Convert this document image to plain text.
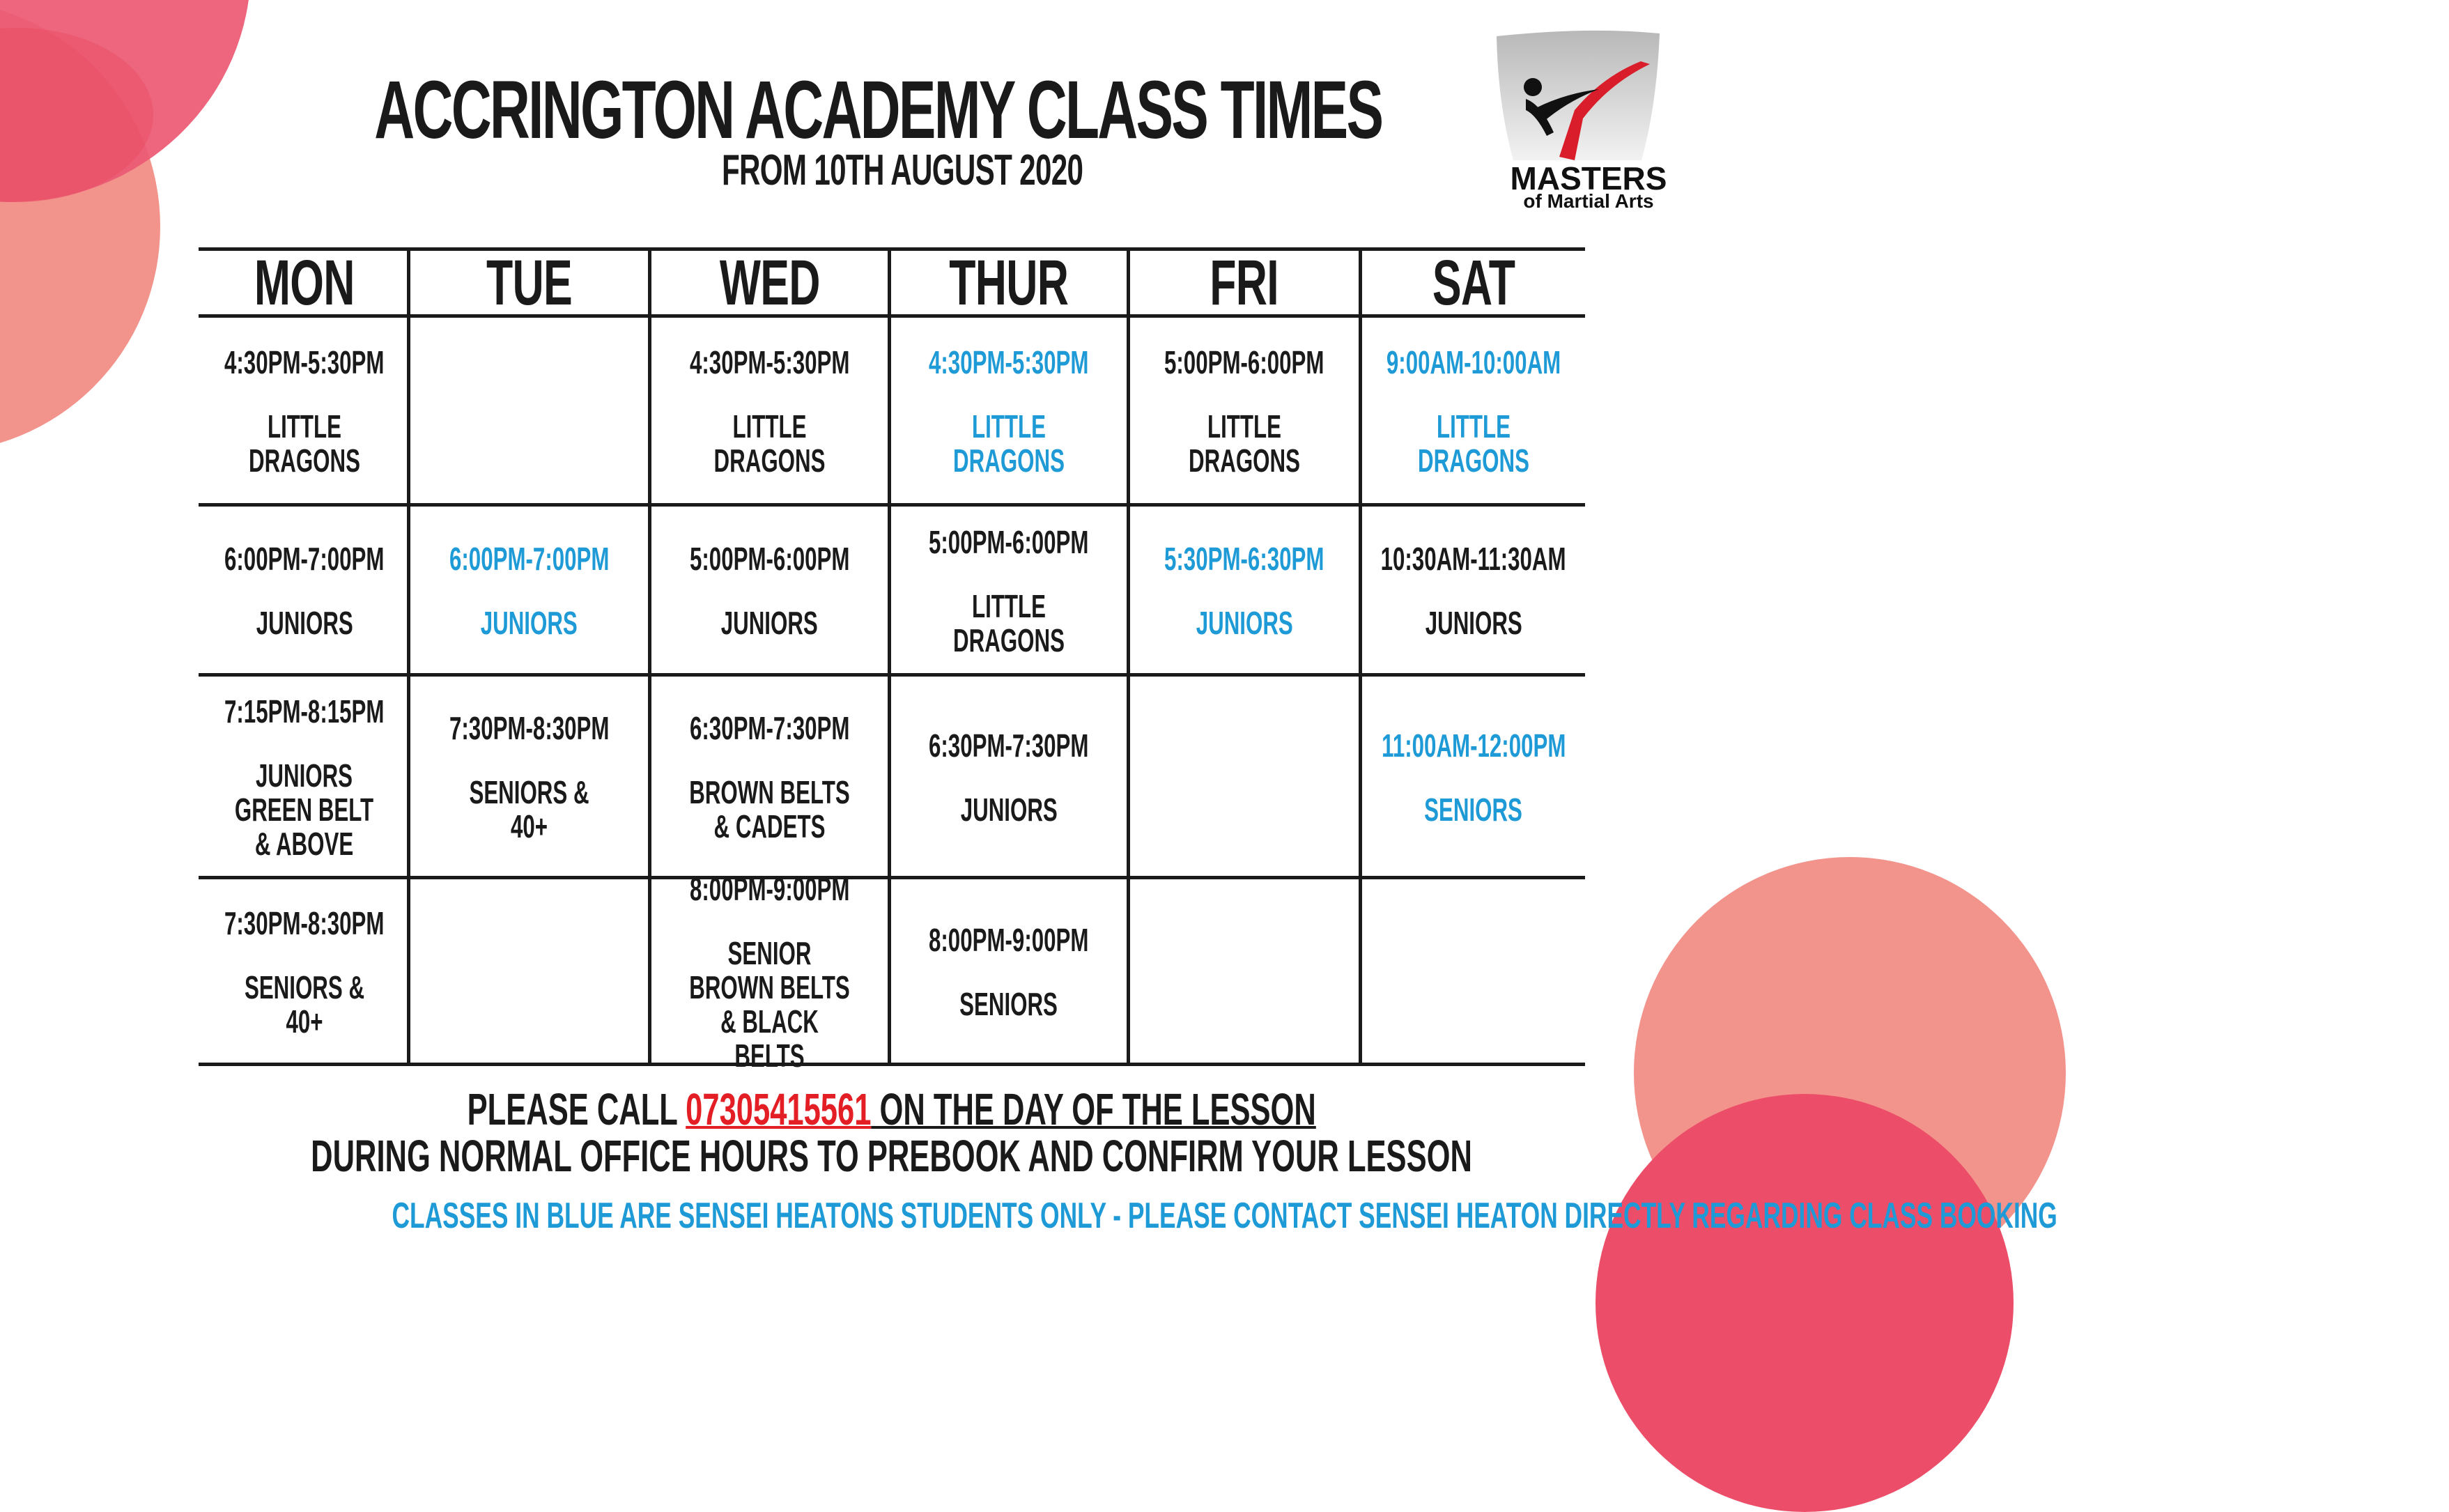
ACCRINGTON ACADEMY CLASS TIMES
FROM 10TH AUGUST 2020	MASTERS
of Martial Arts
MON TUE WED THUR FRI SAT
4:30PM-5:30PM
LITTLE DRAGONS
4:30PM-5:30PM
LITTLE DRAGONS
4:30PM-5:30PM
LITTLE DRAGONS
5:00PM-6:00PM
LITTLE DRAGONS
9:00AM-10:00AM
LITTLE DRAGONS
6:00PM-7:00PM
JUNIORS
6:00PM-7:00PM
JUNIORS
5:00PM-6:00PM
JUNIORS
5:00PM-6:00PM
LITTLE DRAGONS
5:30PM-6:30PM
JUNIORS
10:30AM-11:30AM
JUNIORS
7:15PM-8:15PM
JUNIORS
GREEN BELT
& ABOVE
7:30PM-8:30PM
SENIORS & 40+
6:30PM-7:30PM
BROWN BELTS
& CADETS
6:30PM-7:30PM
JUNIORS
11:00AM-12:00PM
SENIORS
7:30PM-8:30PM
SENIORS & 40+
8:00PM-9:00PM
SENIOR
BROWN BELTS
& BLACK BELTS
8:00PM-9:00PM
SENIORS
PLEASE CALL 07305415561 ON THE DAY OF THE LESSON
DURING NORMAL OFFICE HOURS TO PREBOOK AND CONFIRM YOUR LESSON
CLASSES IN BLUE ARE SENSEI HEATONS STUDENTS ONLY - PLEASE CONTACT SENSEI HEATON DIRECTLY REGARDING CLASS BOOKING
